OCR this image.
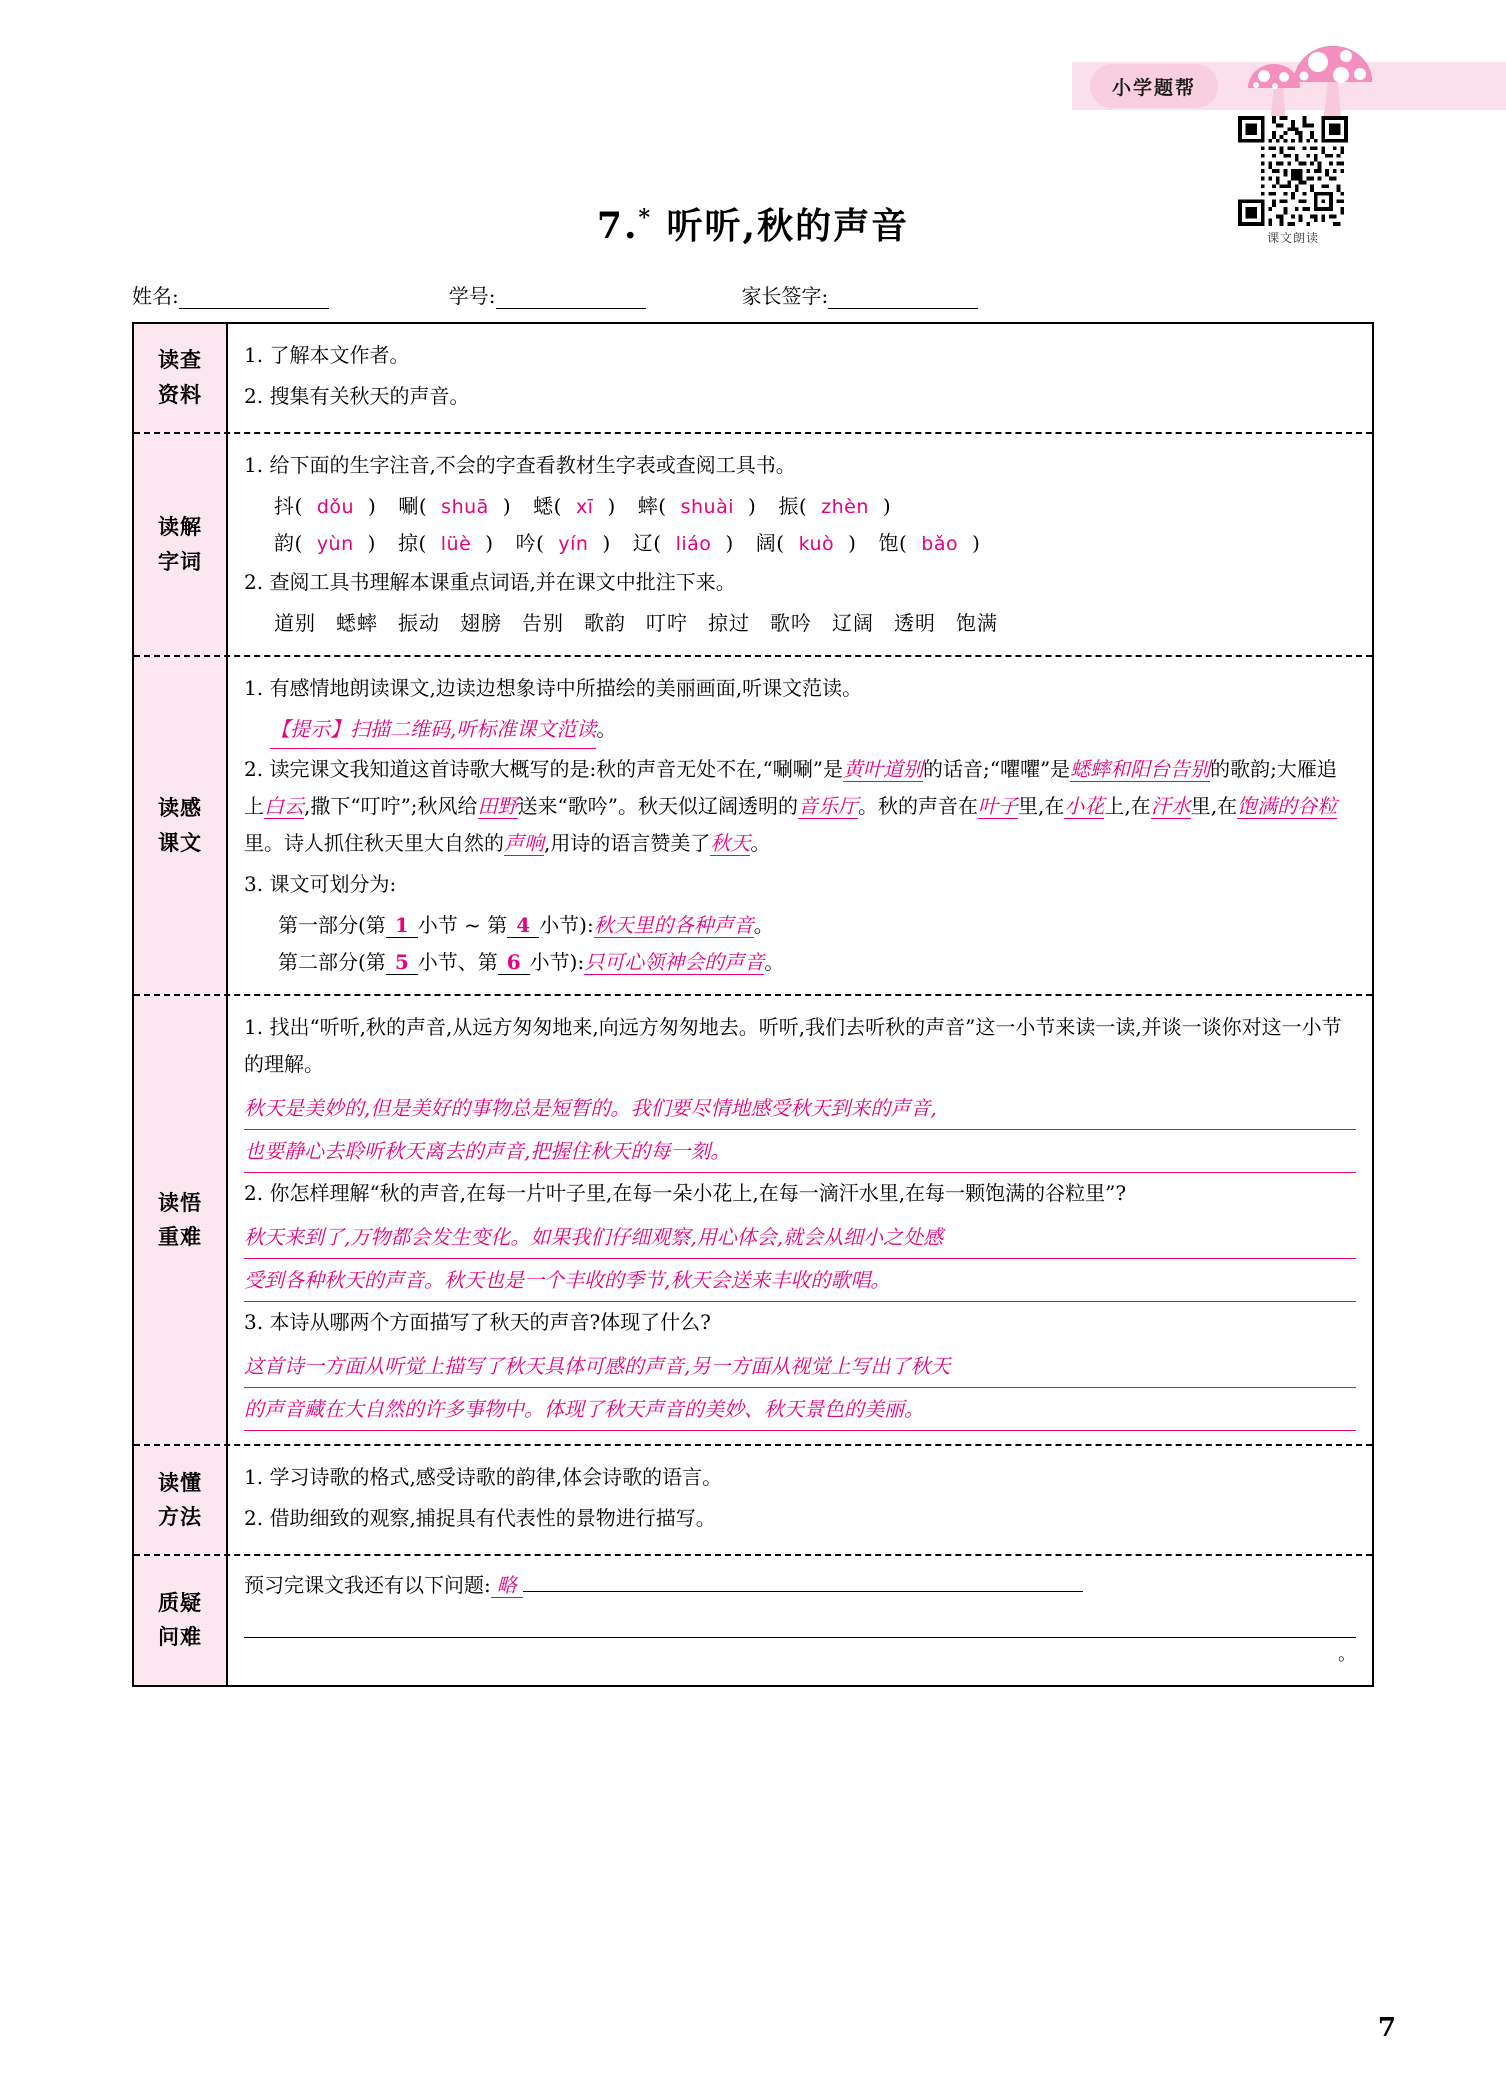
小学题帮
课文朗读
7.* 听听,秋的声音
姓名:	学号:	家长签字:
读查
资料
1. 了解本文作者。
2. 搜集有关秋天的声音。
读解
字词
1. 给下面的生字注音,不会的字查看教材生字表或查阅工具书。
抖( dǒu ) 唰( shuā ) 蟋( xī ) 蟀( shuài ) 振( zhèn )
韵( yùn ) 掠( lüè ) 吟( yín ) 辽( liáo ) 阔( kuò ) 饱( bǎo )
2. 查阅工具书理解本课重点词语,并在课文中批注下来。
道别 蟋蟀 振动 翅膀 告别 歌韵 叮咛 掠过 歌吟 辽阔 透明 饱满
读感
课文
1. 有感情地朗读课文,边读边想象诗中所描绘的美丽画面,听课文范读。
【提示】扫描二维码,听标准课文范读。
2. 读完课文我知道这首诗歌大概写的是:秋的声音无处不在,“唰唰”是黄叶道别的话音;“㘗㘗”是蟋蟀和阳台告别的歌韵;大雁追上白云,撒下“叮咛”;秋风给田野送来“歌吟”。秋天似辽阔透明的音乐厅。秋的声音在叶子里,在小花上,在汗水里,在饱满的谷粒里。诗人抓住秋天里大自然的声响,用诗的语言赞美了秋天。
3. 课文可划分为:
第一部分(第 1 小节 ~ 第 4 小节):秋天里的各种声音。
第二部分(第 5 小节、第 6 小节):只可心领神会的声音。
读悟
重难
1. 找出“听听,秋的声音,从远方匆匆地来,向远方匆匆地去。听听,我们去听秋的声音”这一小节来读一读,并谈一谈你对这一小节的理解。
秋天是美妙的,但是美好的事物总是短暂的。我们要尽情地感受秋天到来的声音,
也要静心去聆听秋天离去的声音,把握住秋天的每一刻。
2. 你怎样理解“秋的声音,在每一片叶子里,在每一朵小花上,在每一滴汗水里,在每一颗饱满的谷粒里”?
秋天来到了,万物都会发生变化。如果我们仔细观察,用心体会,就会从细小之处感
受到各种秋天的声音。秋天也是一个丰收的季节,秋天会送来丰收的歌唱。
3. 本诗从哪两个方面描写了秋天的声音?体现了什么?
这首诗一方面从听觉上描写了秋天具体可感的声音,另一方面从视觉上写出了秋天
的声音藏在大自然的许多事物中。体现了秋天声音的美妙、秋天景色的美丽。
读懂
方法
1. 学习诗歌的格式,感受诗歌的韵律,体会诗歌的语言。
2. 借助细致的观察,捕捉具有代表性的景物进行描写。
质疑
问难
预习完课文我还有以下问题: 略
。
7
